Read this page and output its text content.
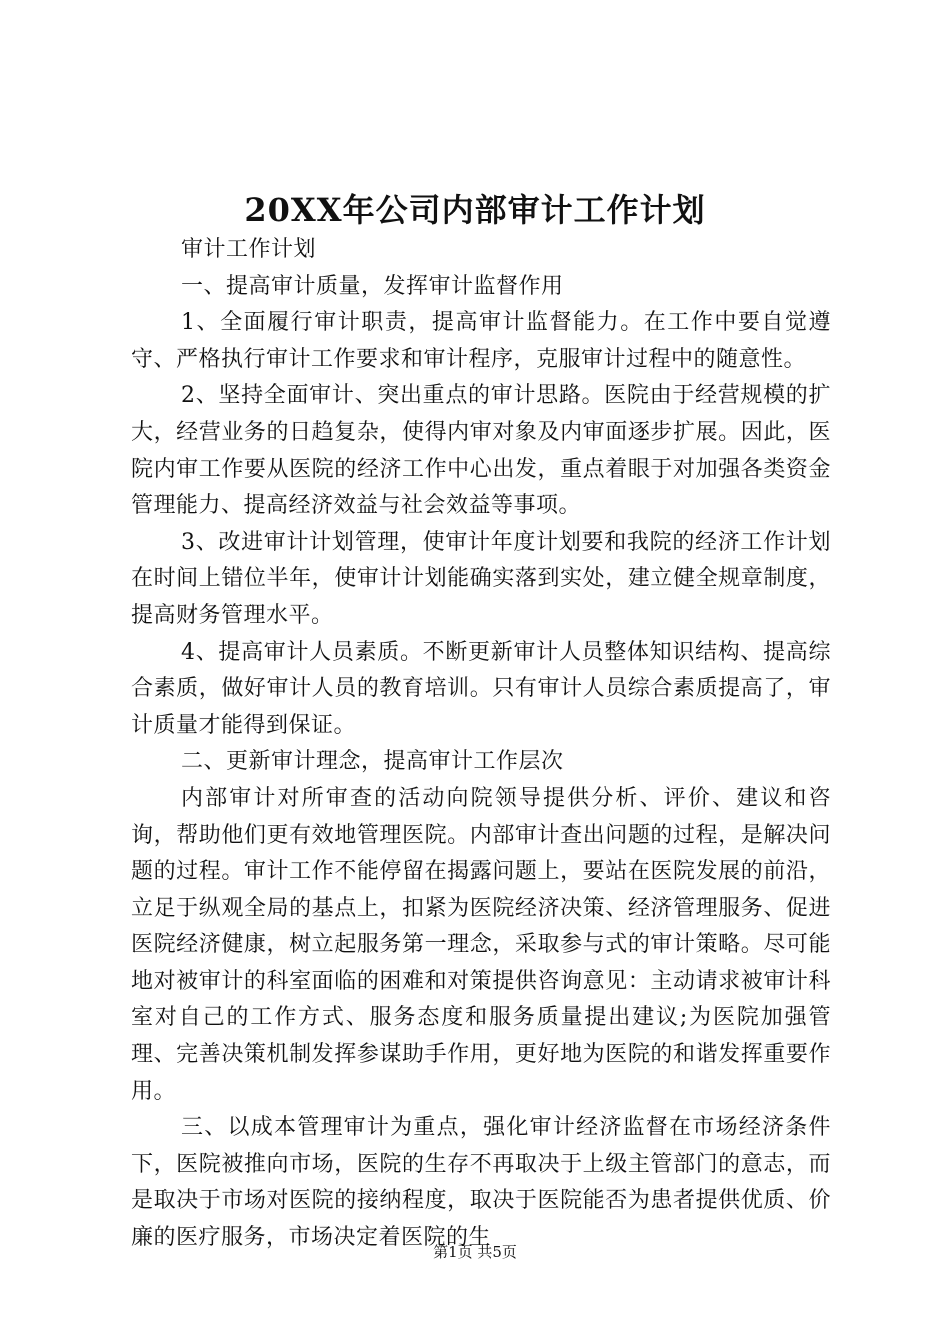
20XX年公司内部审计工作计划

审计工作计划

一、提高审计质量，发挥审计监督作用

1、全面履行审计职责，提高审计监督能力。在工作中要自觉遵守、严格执行审计工作要求和审计程序，克服审计过程中的随意性。

2、坚持全面审计、突出重点的审计思路。医院由于经营规模的扩大，经营业务的日趋复杂，使得内审对象及内审面逐步扩展。因此，医院内审工作要从医院的经济工作中心出发，重点着眼于对加强各类资金管理能力、提高经济效益与社会效益等事项。

3、改进审计计划管理，使审计年度计划要和我院的经济工作计划在时间上错位半年，使审计计划能确实落到实处，建立健全规章制度，提高财务管理水平。

4、提高审计人员素质。不断更新审计人员整体知识结构、提高综合素质，做好审计人员的教育培训。只有审计人员综合素质提高了，审计质量才能得到保证。

二、更新审计理念，提高审计工作层次

内部审计对所审查的活动向院领导提供分析、评价、建议和咨询，帮助他们更有效地管理医院。内部审计查出问题的过程，是解决问题的过程。审计工作不能停留在揭露问题上，要站在医院发展的前沿，立足于纵观全局的基点上，扣紧为医院经济决策、经济管理服务、促进医院经济健康，树立起服务第一理念，采取参与式的审计策略。尽可能地对被审计的科室面临的困难和对策提供咨询意见：主动请求被审计科室对自己的工作方式、服务态度和服务质量提出建议;为医院加强管理、完善决策机制发挥参谋助手作用，更好地为医院的和谐发挥重要作用。

三、以成本管理审计为重点，强化审计经济监督在市场经济条件下，医院被推向市场，医院的生存不再取决于上级主管部门的意志，而是取决于市场对医院的接纳程度，取决于医院能否为患者提供优质、价廉的医疗服务，市场决定着医院的生

第1页 共5页
